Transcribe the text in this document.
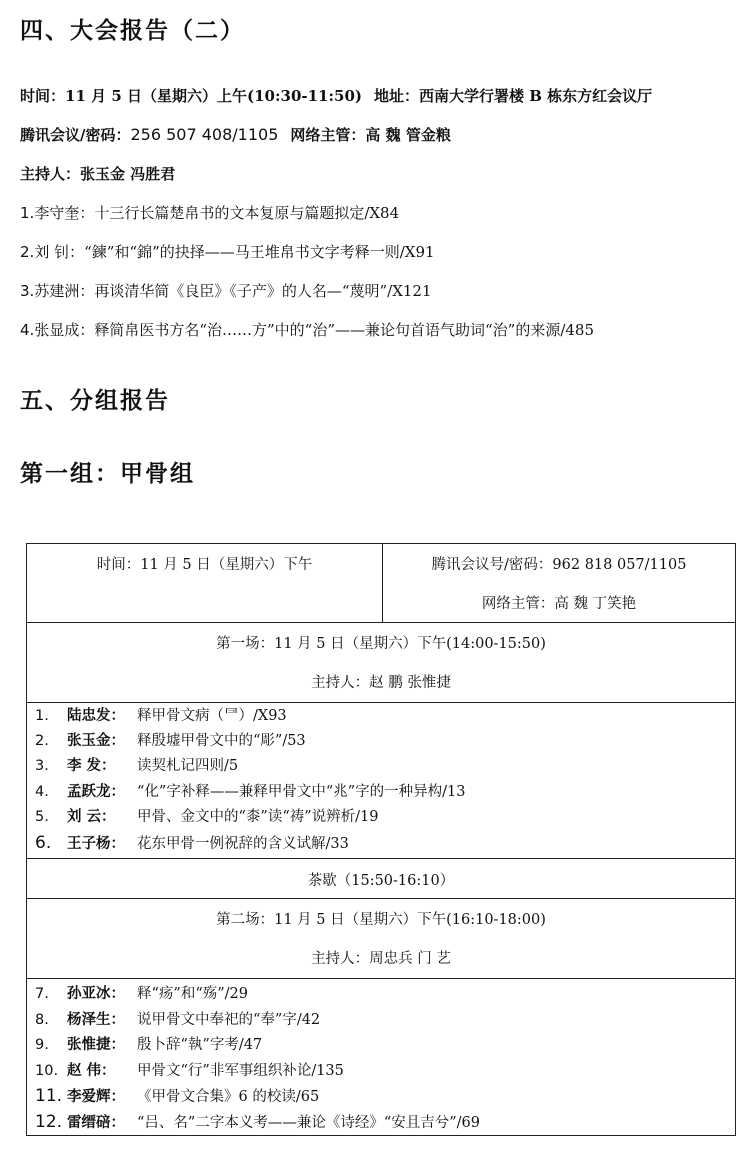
四、大会报告（二）
时间：11 月 5 日（星期六）上午(10:30-11:50) 地址：西南大学行署楼 B 栋东方红会议厅
腾讯会议/密码：256 507 408/1105 网络主管：高 魏 管金粮
主持人：张玉金 冯胜君
1.李守奎：十三行长篇楚帛书的文本复原与篇题拟定/X84
2.刘 钊：“鍊”和“錦”的抉择——马王堆帛书文字考释一则/X91
3.苏建洲：再谈清华简《良臣》《子产》的人名—“蔑明”/X121
4.张显成：释简帛医书方名“治……方”中的“治”——兼论句首语气助词“治”的来源/485
五、分组报告
第一组：甲骨组
时间：11 月 5 日（星期六）下午	腾讯会议号/密码：962 818 057/1105
网络主管：高 魏 丁笑艳
第一场：11 月 5 日（星期六）下午(14:00-15:50)
主持人：赵 鹏 张惟捷
1. 陆忠发： 释甲骨文病（⺜）/X93
2. 张玉金： 释殷墟甲骨文中的“彫”/53
3. 李 发： 读契札记四则/5
4. 孟跃龙： “化”字补释——兼释甲骨文中“兆”字的一种异构/13
5. 刘 云： 甲骨、金文中的“桼”读“祷”说辨析/19
6. 王子杨： 花东甲骨一例祝辞的含义试解/33
茶歇（15:50-16:10）
第二场：11 月 5 日（星期六）下午(16:10-18:00)
主持人：周忠兵 门 艺
7. 孙亚冰： 释“疡”和“殇”/29
8. 杨泽生： 说甲骨文中奉祀的“奉”字/42
9. 张惟捷： 殷卜辞“執”字考/47
10. 赵 伟： 甲骨文“行”非军事组织补论/135
11. 李爱辉： 《甲骨文合集》6 的校读/65
12. 雷缙碚： “吕、名”二字本义考——兼论《诗经》“安且吉兮”/69
